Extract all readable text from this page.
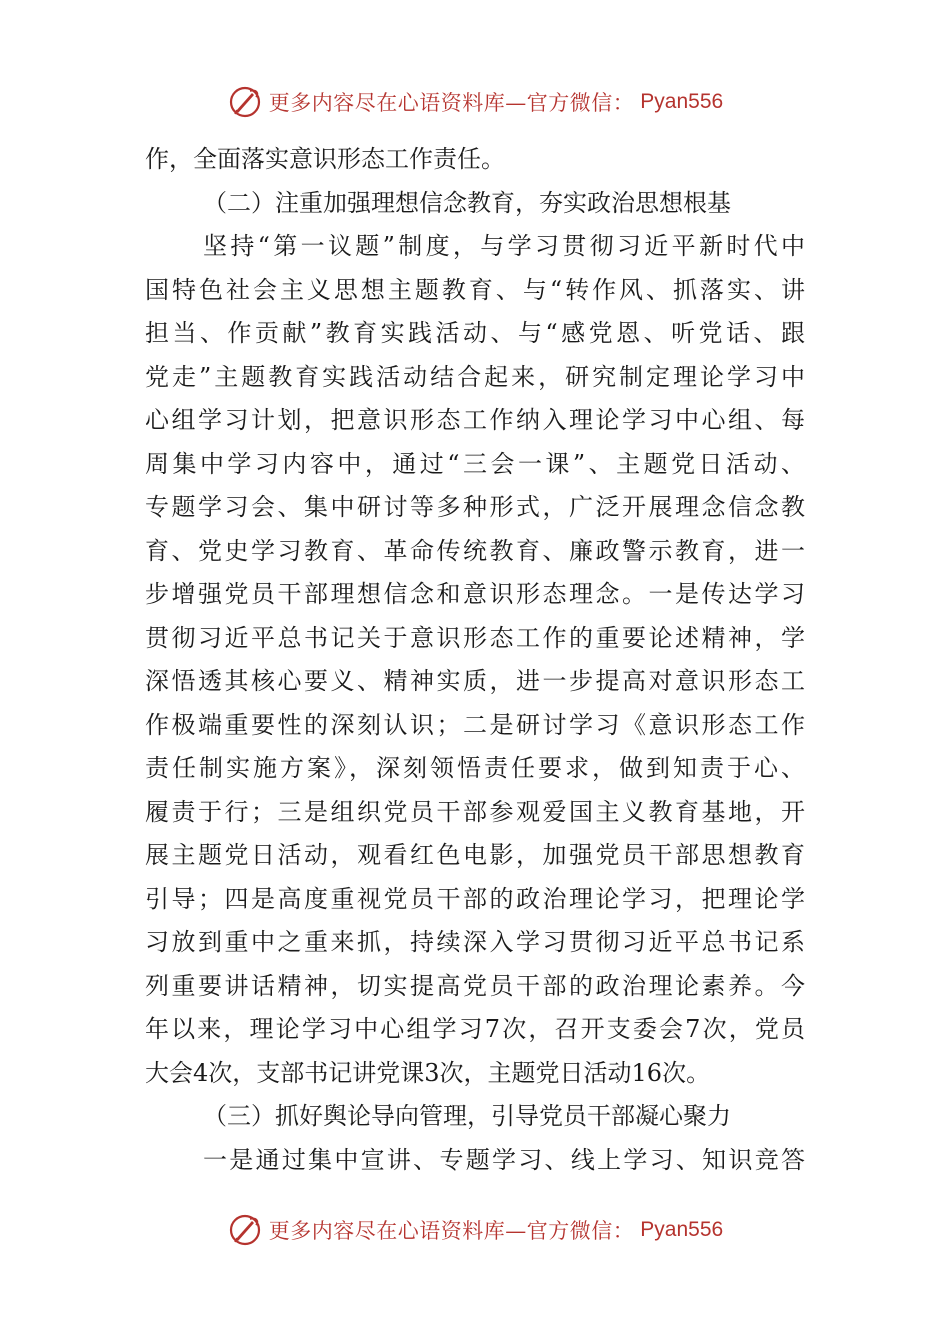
更多内容尽在心语资料库—官方微信： Pyan556
作，全面落实意识形态工作责任。
（二）注重加强理想信念教育，夯实政治思想根基
坚持“第一议题”制度，与学习贯彻习近平新时代中
国特色社会主义思想主题教育、与“转作风、抓落实、讲
担当、作贡献”教育实践活动、与“感党恩、听党话、跟
党走”主题教育实践活动结合起来，研究制定理论学习中
心组学习计划，把意识形态工作纳入理论学习中心组、每
周集中学习内容中，通过“三会一课”、主题党日活动、
专题学习会、集中研讨等多种形式，广泛开展理念信念教
育、党史学习教育、革命传统教育、廉政警示教育，进一
步增强党员干部理想信念和意识形态理念。一是传达学习
贯彻习近平总书记关于意识形态工作的重要论述精神，学
深悟透其核心要义、精神实质，进一步提高对意识形态工
作极端重要性的深刻认识；二是研讨学习《意识形态工作
责任制实施方案》，深刻领悟责任要求，做到知责于心、
履责于行；三是组织党员干部参观爱国主义教育基地，开
展主题党日活动，观看红色电影，加强党员干部思想教育
引导；四是高度重视党员干部的政治理论学习，把理论学
习放到重中之重来抓，持续深入学习贯彻习近平总书记系
列重要讲话精神，切实提高党员干部的政治理论素养。今
年以来，理论学习中心组学习7次，召开支委会7次，党员
大会4次，支部书记讲党课3次，主题党日活动16次。
（三）抓好舆论导向管理，引导党员干部凝心聚力
一是通过集中宣讲、专题学习、线上学习、知识竞答
更多内容尽在心语资料库—官方微信： Pyan556
